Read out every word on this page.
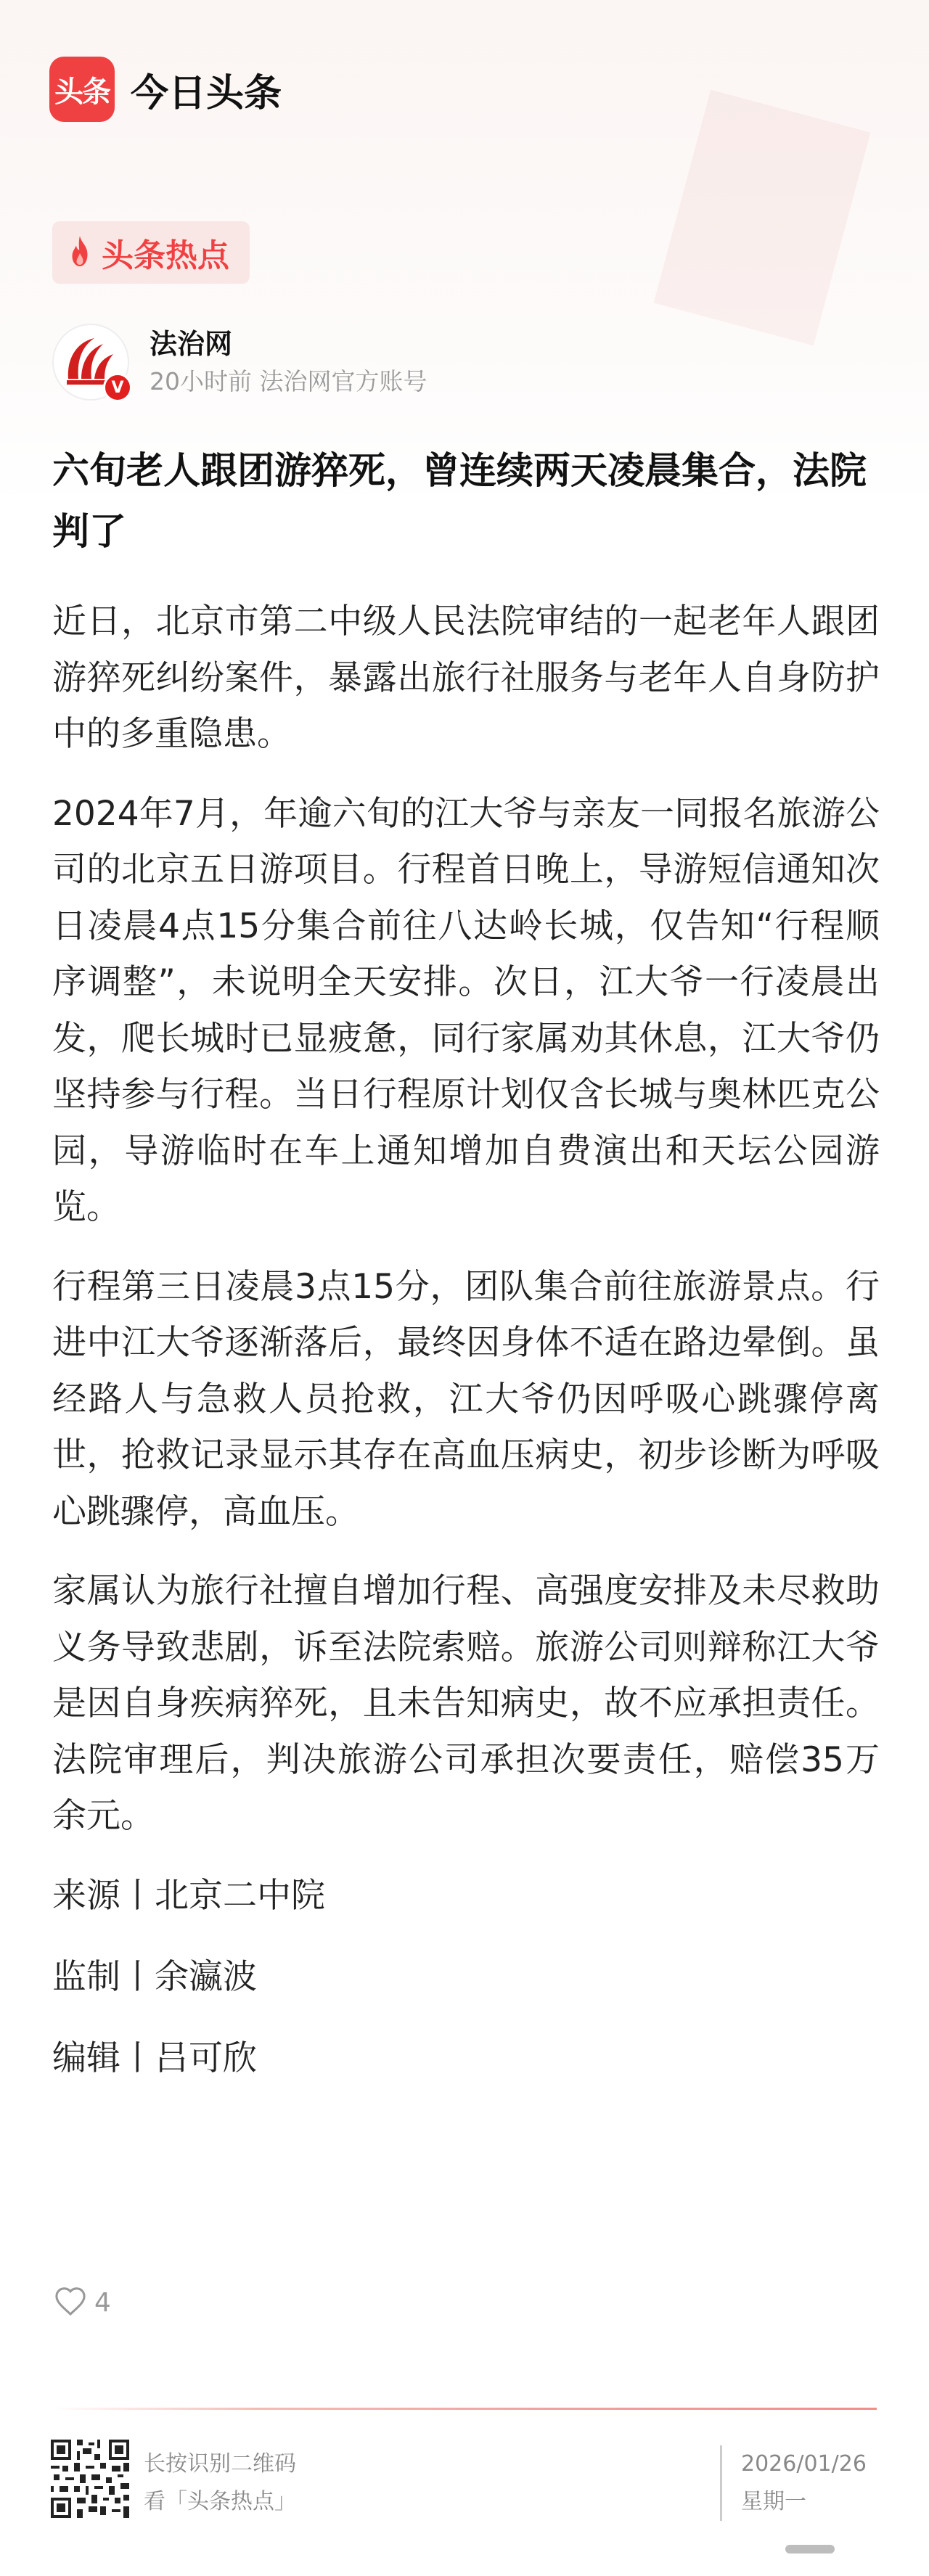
头条 今日头条
头条热点
V
法治网
20小时前 法治网官方账号
六旬老人跟团游猝死，曾连续两天凌晨集合，法院判了

近日，北京市第二中级人民法院审结的一起老年人跟团游猝死纠纷案件，暴露出旅行社服务与老年人自身防护中的多重隐患。

2024年7月，年逾六旬的江大爷与亲友一同报名旅游公司的北京五日游项目。行程首日晚上，导游短信通知次日凌晨4点15分集合前往八达岭长城，仅告知“行程顺序调整”，未说明全天安排。次日，江大爷一行凌晨出发，爬长城时已显疲惫，同行家属劝其休息，江大爷仍坚持参与行程。当日行程原计划仅含长城与奥林匹克公园，导游临时在车上通知增加自费演出和天坛公园游览。

行程第三日凌晨3点15分，团队集合前往旅游景点。行进中江大爷逐渐落后，最终因身体不适在路边晕倒。虽经路人与急救人员抢救，江大爷仍因呼吸心跳骤停离世，抢救记录显示其存在高血压病史，初步诊断为呼吸心跳骤停，高血压。

家属认为旅行社擅自增加行程、高强度安排及未尽救助义务导致悲剧，诉至法院索赔。旅游公司则辩称江大爷是因自身疾病猝死，且未告知病史，故不应承担责任。法院审理后，判决旅游公司承担次要责任，赔偿35万余元。

来源丨北京二中院

监制丨余瀛波

编辑丨吕可欣

4
长按识别二维码
看「头条热点」
2026/01/26
星期一
